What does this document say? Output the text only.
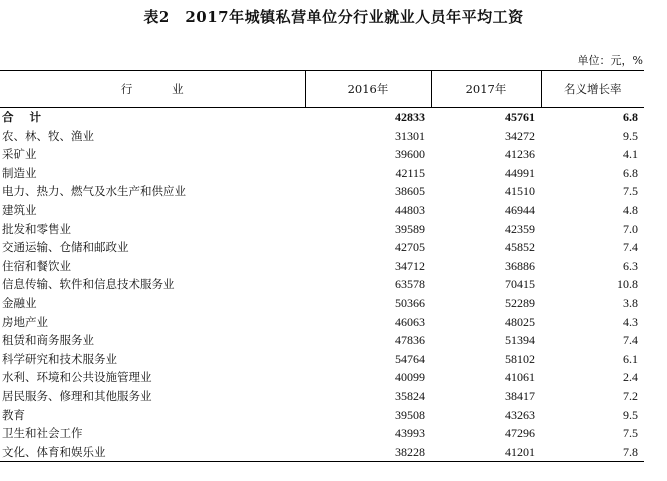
表2　2017年城镇私营单位分行业就业人员年平均工资
单位：元，%
行 业	2016年	2017年	名义增长率
合 计	42833	45761	6.8
农、林、牧、渔业	31301	34272	9.5
采矿业	39600	41236	4.1
制造业	42115	44991	6.8
电力、热力、燃气及水生产和供应业	38605	41510	7.5
建筑业	44803	46944	4.8
批发和零售业	39589	42359	7.0
交通运输、仓储和邮政业	42705	45852	7.4
住宿和餐饮业	34712	36886	6.3
信息传输、软件和信息技术服务业	63578	70415	10.8
金融业	50366	52289	3.8
房地产业	46063	48025	4.3
租赁和商务服务业	47836	51394	7.4
科学研究和技术服务业	54764	58102	6.1
水利、环境和公共设施管理业	40099	41061	2.4
居民服务、修理和其他服务业	35824	38417	7.2
教育	39508	43263	9.5
卫生和社会工作	43993	47296	7.5
文化、体育和娱乐业	38228	41201	7.8
